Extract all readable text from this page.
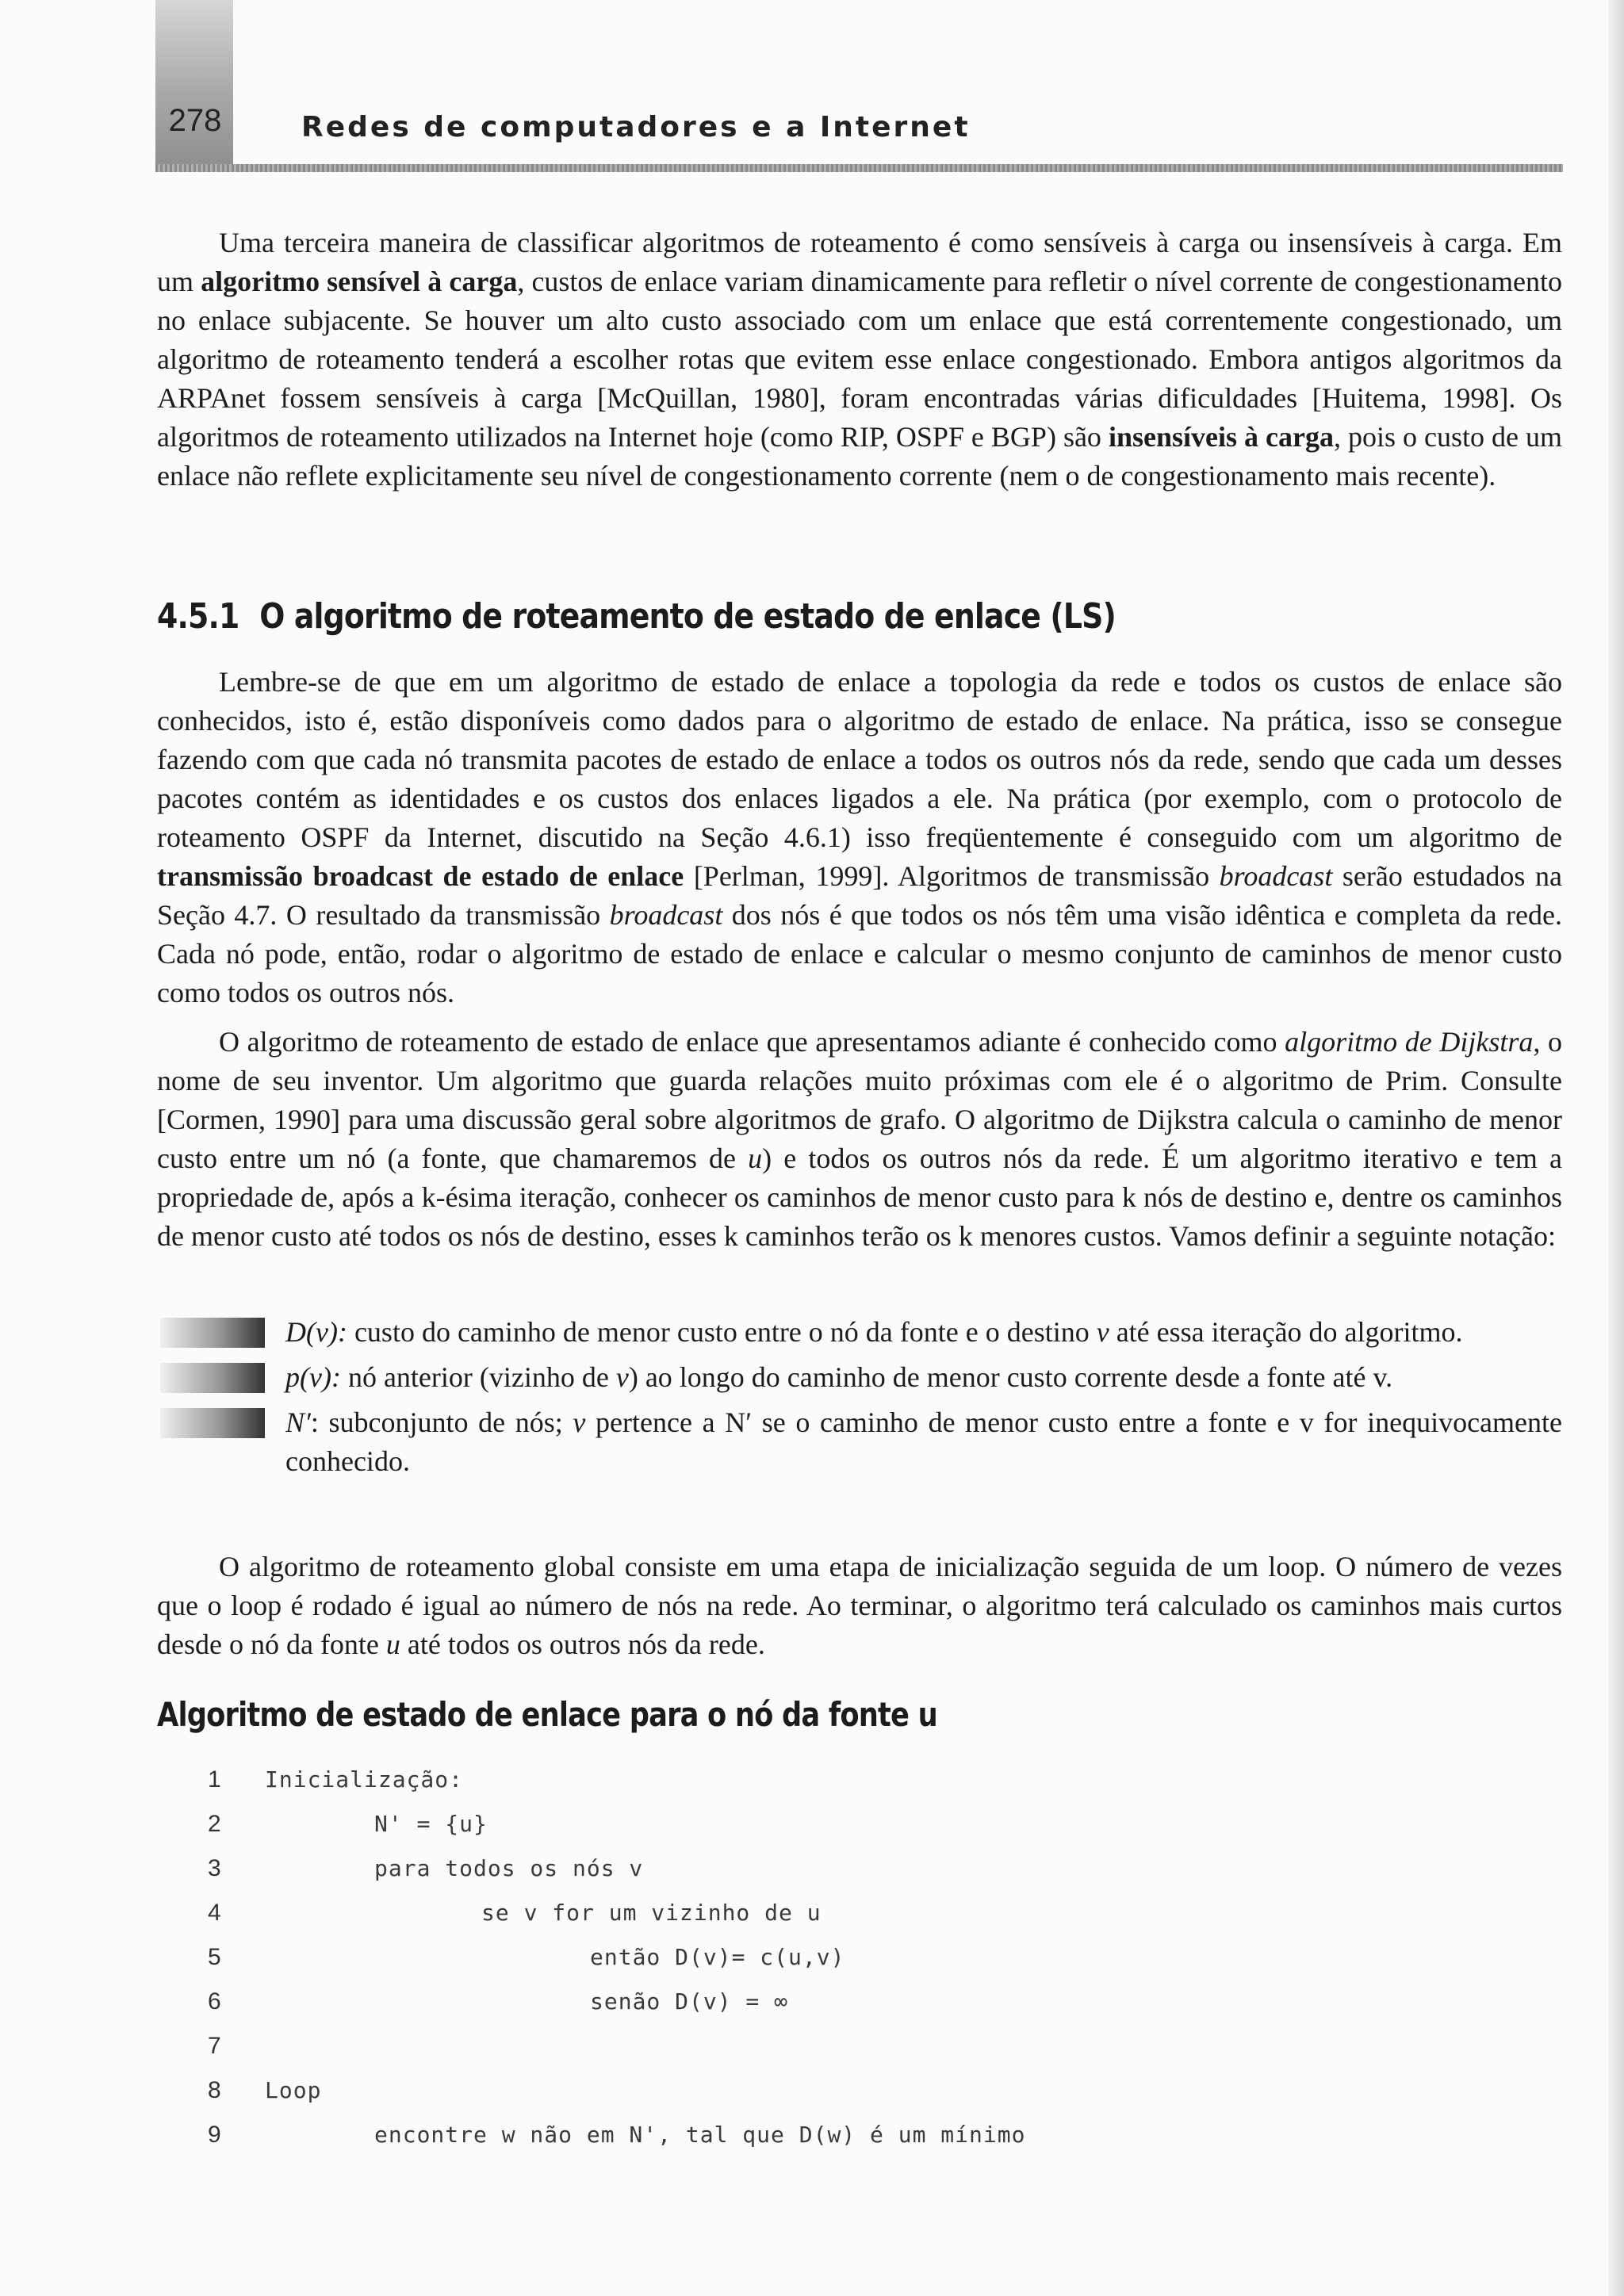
278	Redes de computadores e a Internet

Uma terceira maneira de classificar algoritmos de roteamento é como sensíveis à carga ou insensíveis à carga. Em um algoritmo sensível à carga, custos de enlace variam dinamicamente para refletir o nível corrente de congestionamento no enlace subjacente. Se houver um alto custo associado com um enlace que está correntemente congestionado, um algoritmo de roteamento tenderá a escolher rotas que evitem esse enlace congestionado. Embora antigos algoritmos da ARPAnet fossem sensíveis à carga [McQuillan, 1980], foram encontradas várias dificuldades [Huitema, 1998]. Os algoritmos de roteamento utilizados na Internet hoje (como RIP, OSPF e BGP) são insensíveis à carga, pois o custo de um enlace não reflete explicitamente seu nível de congestionamento corrente (nem o de congestionamento mais recente).

4.5.1 O algoritmo de roteamento de estado de enlace (LS)

Lembre-se de que em um algoritmo de estado de enlace a topologia da rede e todos os custos de enlace são conhecidos, isto é, estão disponíveis como dados para o algoritmo de estado de enlace. Na prática, isso se consegue fazendo com que cada nó transmita pacotes de estado de enlace a todos os outros nós da rede, sendo que cada um desses pacotes contém as identidades e os custos dos enlaces ligados a ele. Na prática (por exemplo, com o protocolo de roteamento OSPF da Internet, discutido na Seção 4.6.1) isso freqüentemente é conseguido com um algoritmo de transmissão broadcast de estado de enlace [Perlman, 1999]. Algoritmos de transmissão broadcast serão estudados na Seção 4.7. O resultado da transmissão broadcast dos nós é que todos os nós têm uma visão idêntica e completa da rede. Cada nó pode, então, rodar o algoritmo de estado de enlace e calcular o mesmo conjunto de caminhos de menor custo como todos os outros nós.

O algoritmo de roteamento de estado de enlace que apresentamos adiante é conhecido como algoritmo de Dijkstra, o nome de seu inventor. Um algoritmo que guarda relações muito próximas com ele é o algoritmo de Prim. Consulte [Cormen, 1990] para uma discussão geral sobre algoritmos de grafo. O algoritmo de Dijkstra calcula o caminho de menor custo entre um nó (a fonte, que chamaremos de u) e todos os outros nós da rede. É um algoritmo iterativo e tem a propriedade de, após a k-ésima iteração, conhecer os caminhos de menor custo para k nós de destino e, dentre os caminhos de menor custo até todos os nós de destino, esses k caminhos terão os k menores custos. Vamos definir a seguinte notação:

D(v): custo do caminho de menor custo entre o nó da fonte e o destino v até essa iteração do algoritmo.
p(v): nó anterior (vizinho de v) ao longo do caminho de menor custo corrente desde a fonte até v.
N′: subconjunto de nós; v pertence a N′ se o caminho de menor custo entre a fonte e v for inequivocamente conhecido.

O algoritmo de roteamento global consiste em uma etapa de inicialização seguida de um loop. O número de vezes que o loop é rodado é igual ao número de nós na rede. Ao terminar, o algoritmo terá calculado os caminhos mais curtos desde o nó da fonte u até todos os outros nós da rede.

Algoritmo de estado de enlace para o nó da fonte u
1	Inicialização:
2	N' = {u}
3	para todos os nós v
4	se v for um vizinho de u
5	então D(v)= c(u,v)
6	senão D(v) = ∞
7
8	Loop
9	encontre w não em N', tal que D(w) é um mínimo
